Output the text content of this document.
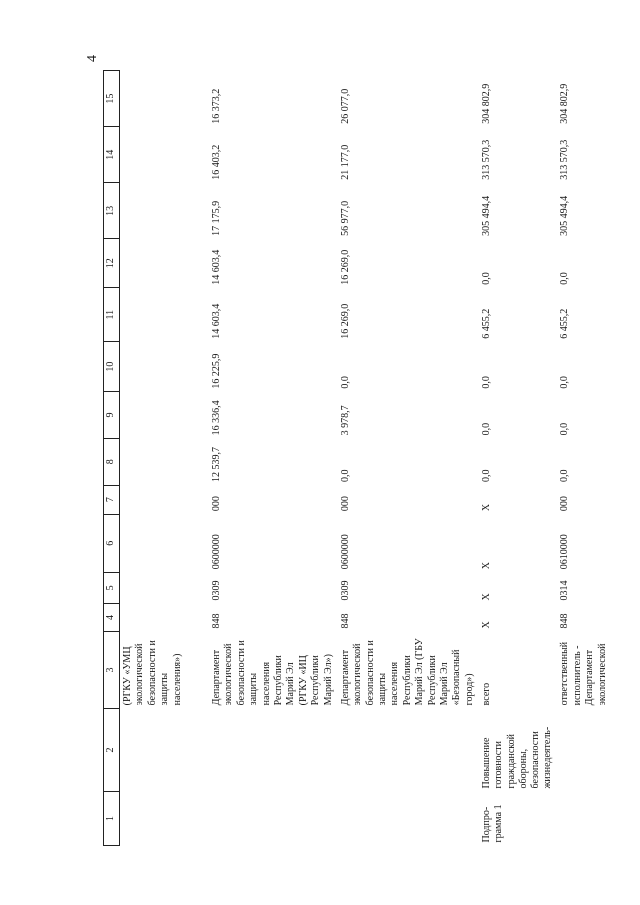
4
1	2	3	4	5	6	7	8	9	10	11	12	13	14	15
		(РГКУ «УМЦ экологической безопасности и защиты населения»)												
		Департамент экологической безопасности и защиты населения Республики Марий Эл (РГКУ «ИЦ Республики Марий Эл»)	848	0309	0600000	000	12 539,7	16 336,4	16 225,9	14 603,4	14 603,4	17 175,9	16 403,2	16 373,2
		Департамент экологической безопасности и защиты населения Республики Марий Эл (ГБУ Республики Марий Эл «Безопасный город»)	848	0309	0600000	000	0,0	3 978,7	0,0	16 269,0	16 269,0	56 977,0	21 177,0	26 077,0
Подпро- грамма 1	Повышение готовности гражданской обороны, безопасности жизнедеятель-	всего	Х	Х	Х	Х	0,0	0,0	0,0	6 455,2	0,0	305 494,4	313 570,3	304 802,9
		ответственный исполнитель - Департамент экологической	848	0314	0610000	000	0,0	0,0	0,0	6 455,2	0,0	305 494,4	313 570,3	304 802,9
